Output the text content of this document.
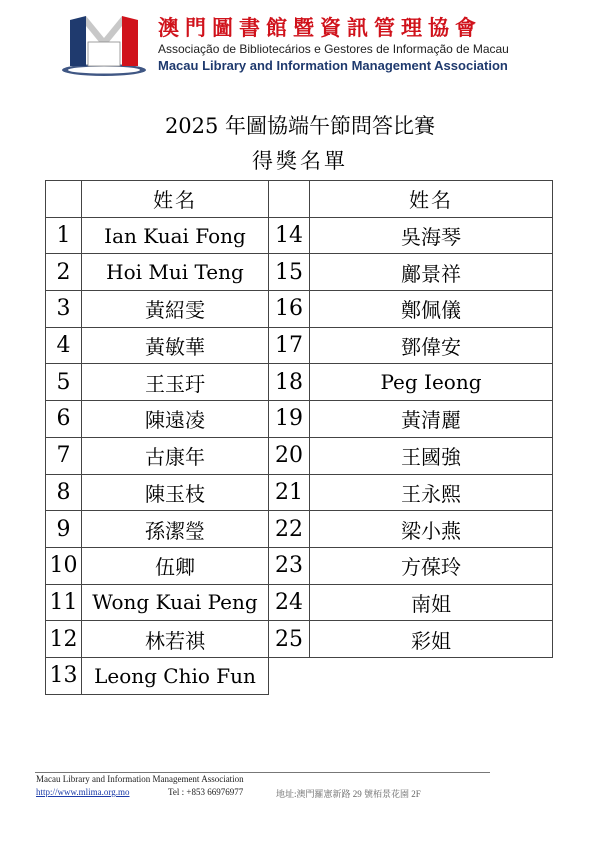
澳門圖書館暨資訊管理協會
Associação de Bibliotecários e Gestores de Informação de Macau
Macau Library and Information Management Association
2025 年圖協端午節問答比賽
得獎名單
	姓名		姓名
1	Ian Kuai Fong	14	吳海琴
2	Hoi Mui Teng	15	鄺景祥
3	黃紹雯	16	鄭佩儀
4	黃敏華	17	鄧偉安
5	王玉玗	18	Peg Ieong
6	陳遠凌	19	黃清麗
7	古康年	20	王國強
8	陳玉枝	21	王永熙
9	孫潔瑩	22	梁小燕
10	伍卿	23	方葆玲
11	Wong Kuai Peng	24	南姐
12	林若祺	25	彩姐
13	Leong Chio Fun		
Macau Library and Information Management Association
http://www.mlima.org.mo	Tel : +853 66976977	地址:澳門羅憲新路 29 號栢景花園 2F
